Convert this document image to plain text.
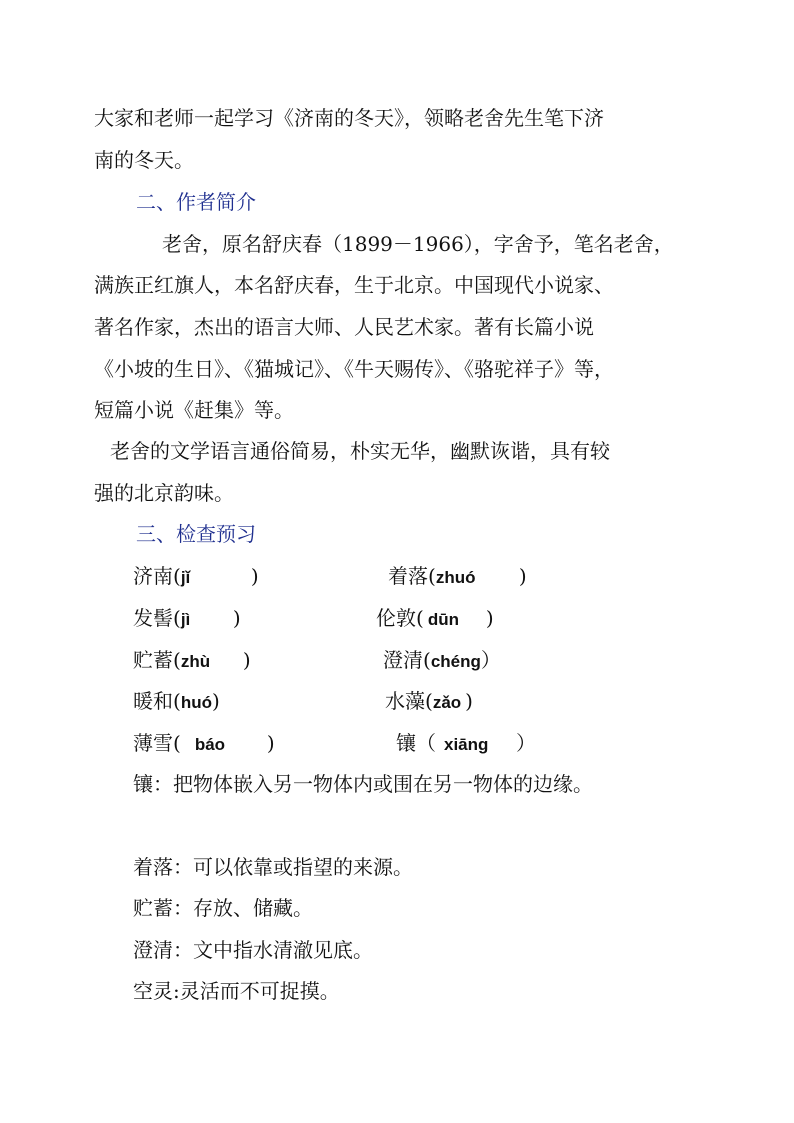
大家和老师一起学习《济南的冬天》，领略老舍先生笔下济
南的冬天。
二、作者简介
老舍，原名舒庆春（1899－1966），字舍予，笔名老舍，
满族正红旗人，本名舒庆春，生于北京。中国现代小说家、
著名作家，杰出的语言大师、人民艺术家。著有长篇小说
《小坡的生日》、《猫城记》、《牛天赐传》、《骆驼祥子》等，
短篇小说《赶集》等。
老舍的文学语言通俗简易，朴实无华，幽默诙谐，具有较
强的北京韵味。
三、检查预习
济南(jǐ	)	着落(zhuó )
发髻(jì )	伦敦( dūn )
贮蓄(zhù )	澄清(chéng）
暖和(huó)	水藻(zǎo )
薄雪( báo )	镶（ xiāng ）
镶：把物体嵌入另一物体内或围在另一物体的边缘。
着落：可以依靠或指望的来源。
贮蓄：存放、储藏。
澄清：文中指水清澈见底。
空灵:灵活而不可捉摸。
